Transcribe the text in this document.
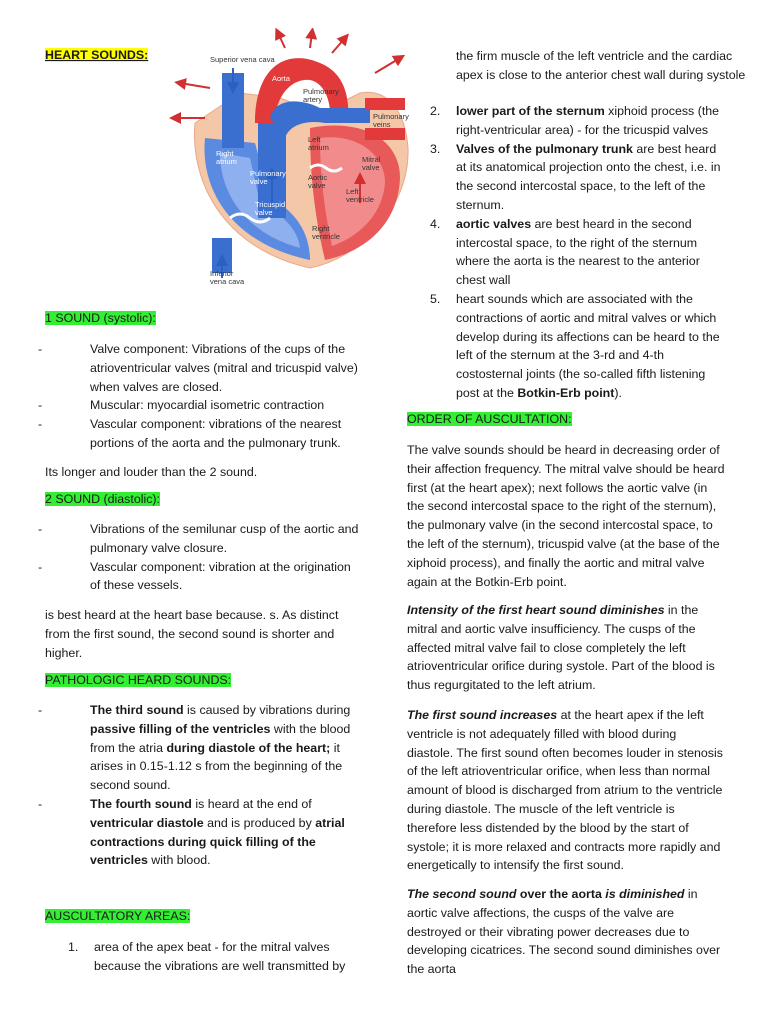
HEART SOUNDS:	Superior vena cava
Aorta
Pulmonary artery
Pulmonary veins
Left atrium
Right atrium	Mitral valve
Pulmonary valve	Aortic valve
Left ventricle
Tricuspid valve
Right ventricle
Inferior vena cava
1 SOUND (systolic):
-	Valve component: Vibrations of the cups of the atrioventricular valves (mitral and tricuspid valve) when valves are closed.
-	Muscular: myocardial isometric contraction
-	Vascular component: vibrations of the nearest portions of the aorta and the pulmonary trunk.

Its longer and louder than the 2 sound.

2 SOUND (diastolic):
-	Vibrations of the semilunar cusp of the aortic and pulmonary valve closure.
-	Vascular component: vibration at the origination of these vessels.

is best heard at the heart base because. s. As distinct from the first sound, the second sound is shorter and higher.

PATHOLOGIC HEARD SOUNDS:
-	The third sound is caused by vibrations during passive filling of the ventricles with the blood from the atria during diastole of the heart; it arises in 0.15-1.12 s from the beginning of the second sound.
-	The fourth sound is heard at the end of ventricular diastole and is produced by atrial contractions during quick filling of the ventricles with blood.
AUSCULTATORY AREAS:
1. area of the apex beat - for the mitral valves because the vibrations are well transmitted by

the firm muscle of the left ventricle and the cardiac apex is close to the anterior chest wall during systole

2. lower part of the sternum xiphoid process (the right-ventricular area) - for the tricuspid valves
3. Valves of the pulmonary trunk are best heard at its anatomical projection onto the chest, i.e. in the second intercostal space, to the left of the sternum.
4. aortic valves are best heard in the second intercostal space, to the right of the sternum where the aorta is the nearest to the anterior chest wall
5. heart sounds which are associated with the contractions of aortic and mitral valves or which develop during its affections can be heard to the left of the sternum at the 3-rd and 4-th costosternal joints (the so-called fifth listening post at the Botkin-Erb point).
ORDER OF AUSCULTATION:

The valve sounds should be heard in decreasing order of their affection frequency. The mitral valve should be heard first (at the heart apex); next follows the aortic valve (in the second intercostal space to the right of the sternum), the pulmonary valve (in the second intercostal space, to the left of the sternum), tricuspid valve (at the base of the xiphoid process), and finally the aortic and mitral valve again at the Botkin-Erb point.

Intensity of the first heart sound diminishes in the mitral and aortic valve insufficiency. The cusps of the affected mitral valve fail to close completely the left atrioventricular orifice during systole. Part of the blood is thus regurgitated to the left atrium.

The first sound increases at the heart apex if the left ventricle is not adequately filled with blood during diastole. The first sound often becomes louder in stenosis of the left atrioventricular orifice, when less than normal amount of blood is discharged from atrium to the ventricle during diastole. The muscle of the left ventricle is therefore less distended by the blood by the start of systole; it is more relaxed and contracts more rapidly and energetically to intensify the first sound.

The second sound over the aorta is diminished in aortic valve affections, the cusps of the valve are destroyed or their vibrating power decreases due to developing cicatrices. The second sound diminishes over the aorta
